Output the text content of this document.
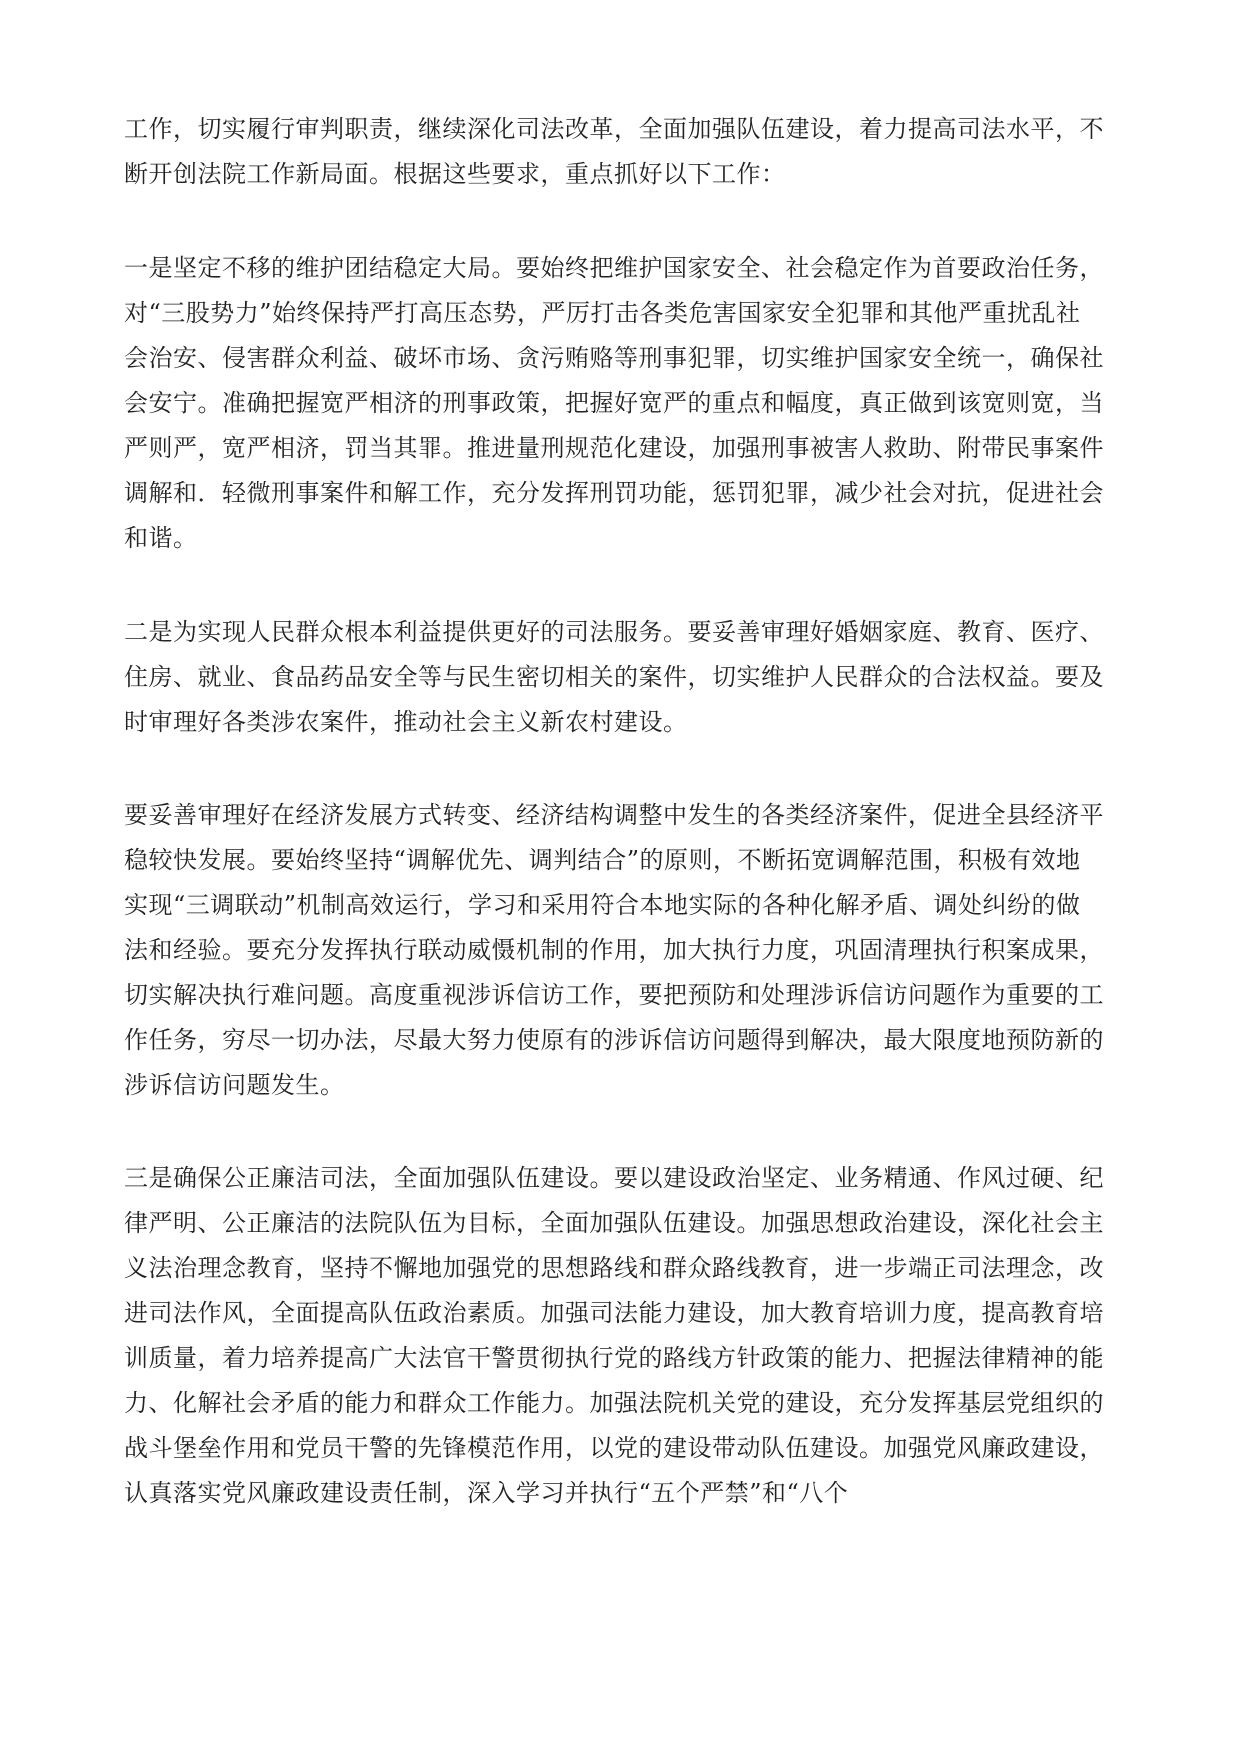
工作，切实履行审判职责，继续深化司法改革，全面加强队伍建设，着力提高司法水平，不
断开创法院工作新局面。根据这些要求，重点抓好以下工作：
一是坚定不移的维护团结稳定大局。要始终把维护国家安全、社会稳定作为首要政治任务，
对“三股势力”始终保持严打高压态势，严厉打击各类危害国家安全犯罪和其他严重扰乱社
会治安、侵害群众利益、破坏市场、贪污贿赂等刑事犯罪，切实维护国家安全统一，确保社
会安宁。准确把握宽严相济的刑事政策，把握好宽严的重点和幅度，真正做到该宽则宽，当
严则严，宽严相济，罚当其罪。推进量刑规范化建设，加强刑事被害人救助、附带民事案件
调解和．轻微刑事案件和解工作，充分发挥刑罚功能，惩罚犯罪，减少社会对抗，促进社会
和谐。
二是为实现人民群众根本利益提供更好的司法服务。要妥善审理好婚姻家庭、教育、医疗、
住房、就业、食品药品安全等与民生密切相关的案件，切实维护人民群众的合法权益。要及
时审理好各类涉农案件，推动社会主义新农村建设。
要妥善审理好在经济发展方式转变、经济结构调整中发生的各类经济案件，促进全县经济平
稳较快发展。要始终坚持“调解优先、调判结合”的原则，不断拓宽调解范围，积极有效地
实现“三调联动”机制高效运行，学习和采用符合本地实际的各种化解矛盾、调处纠纷的做
法和经验。要充分发挥执行联动威慑机制的作用，加大执行力度，巩固清理执行积案成果，
切实解决执行难问题。高度重视涉诉信访工作，要把预防和处理涉诉信访问题作为重要的工
作任务，穷尽一切办法，尽最大努力使原有的涉诉信访问题得到解决，最大限度地预防新的
涉诉信访问题发生。
三是确保公正廉洁司法，全面加强队伍建设。要以建设政治坚定、业务精通、作风过硬、纪
律严明、公正廉洁的法院队伍为目标，全面加强队伍建设。加强思想政治建设，深化社会主
义法治理念教育，坚持不懈地加强党的思想路线和群众路线教育，进一步端正司法理念，改
进司法作风，全面提高队伍政治素质。加强司法能力建设，加大教育培训力度，提高教育培
训质量，着力培养提高广大法官干警贯彻执行党的路线方针政策的能力、把握法律精神的能
力、化解社会矛盾的能力和群众工作能力。加强法院机关党的建设，充分发挥基层党组织的
战斗堡垒作用和党员干警的先锋模范作用，以党的建设带动队伍建设。加强党风廉政建设，
认真落实党风廉政建设责任制，深入学习并执行“五个严禁”和“八个
